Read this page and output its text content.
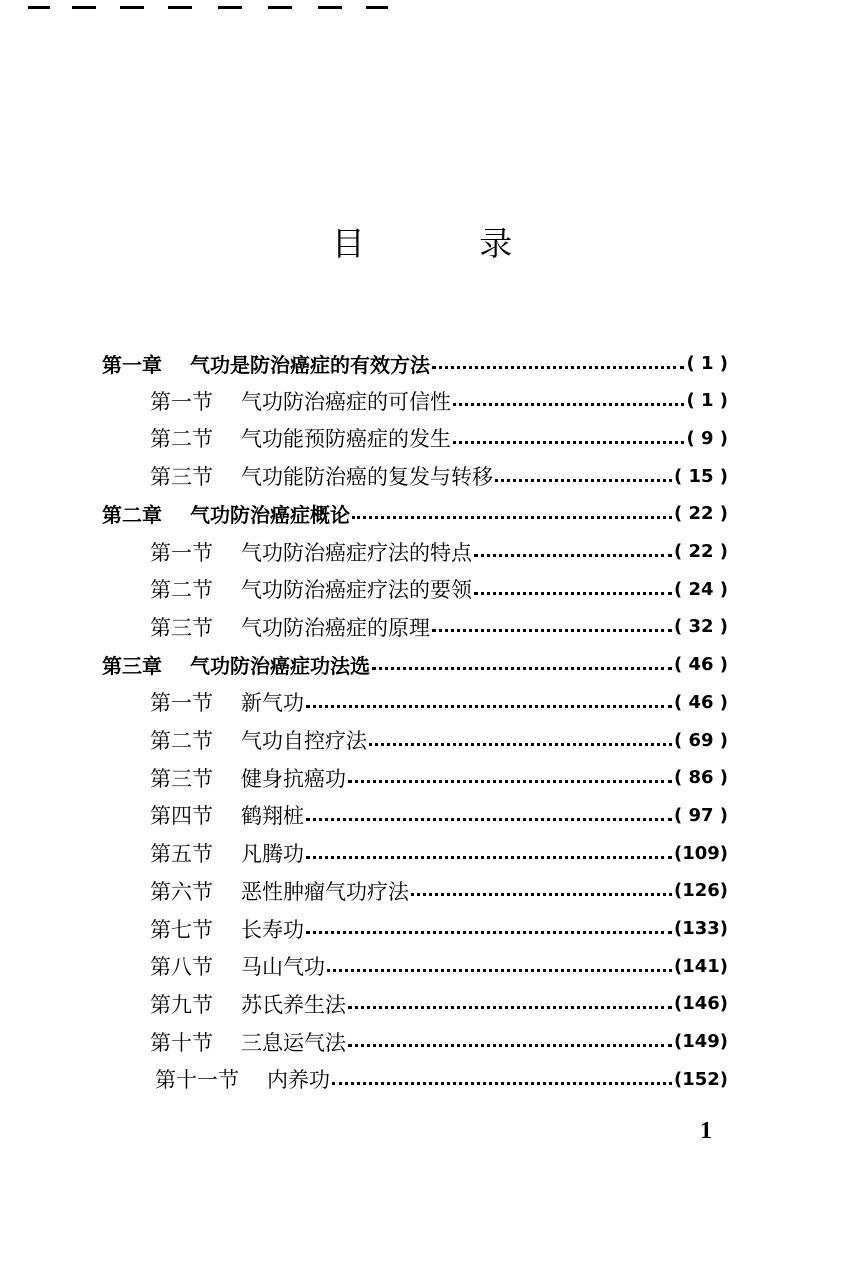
目 录
第一章 气功是防治癌症的有效方法	( 1 )
第一节 气功防治癌症的可信性	( 1 )
第二节 气功能预防癌症的发生	( 9 )
第三节 气功能防治癌的复发与转移	( 15 )
第二章 气功防治癌症概论	( 22 )
第一节 气功防治癌症疗法的特点	( 22 )
第二节 气功防治癌症疗法的要领	( 24 )
第三节 气功防治癌症的原理	( 32 )
第三章 气功防治癌症功法选	( 46 )
第一节 新气功	( 46 )
第二节 气功自控疗法	( 69 )
第三节 健身抗癌功	( 86 )
第四节 鹤翔桩	( 97 )
第五节 凡腾功	(109)
第六节 恶性肿瘤气功疗法	(126)
第七节 长寿功	(133)
第八节 马山气功	(141)
第九节 苏氏养生法	(146)
第十节 三息运气法	(149)
第十一节 内养功	(152)
1
